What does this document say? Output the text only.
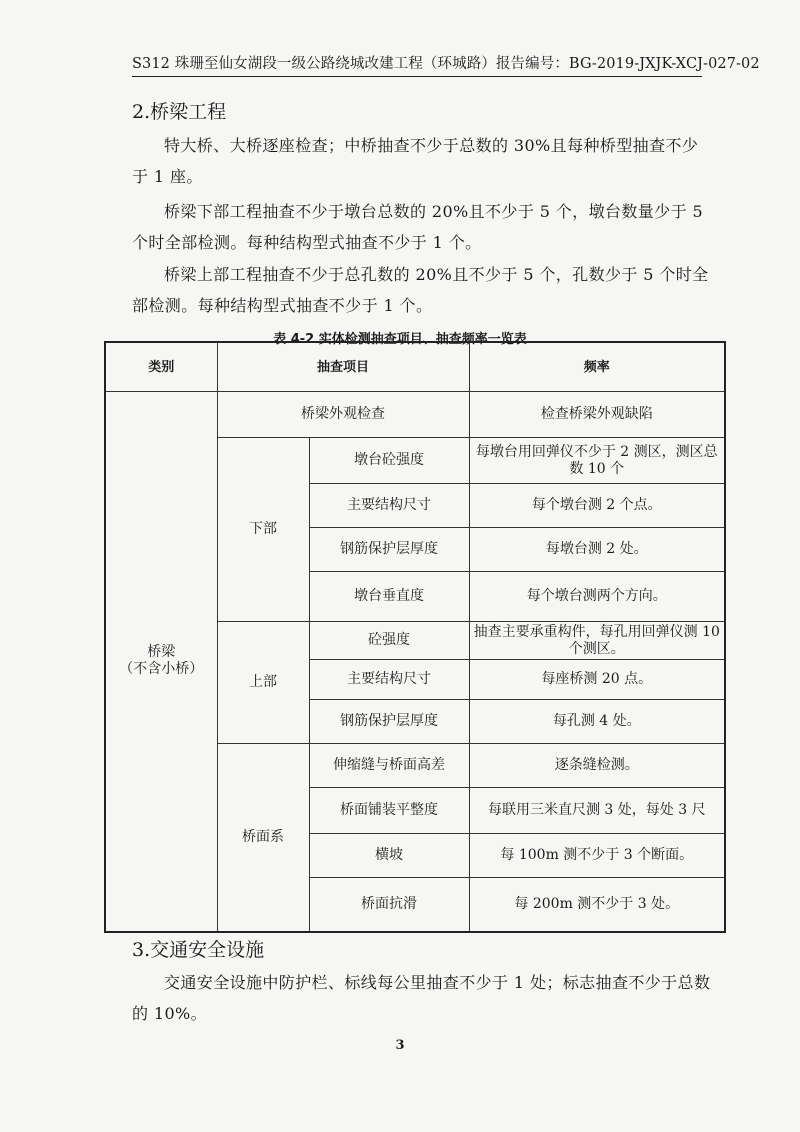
S312 珠珊至仙女湖段一级公路绕城改建工程（环城路）报告编号：BG-2019-JXJK-XCJ-027-02
2.桥梁工程
特大桥、大桥逐座检查；中桥抽查不少于总数的 30%且每种桥型抽查不少于 1 座。
桥梁下部工程抽查不少于墩台总数的 20%且不少于 5 个，墩台数量少于 5 个时全部检测。每种结构型式抽查不少于 1 个。
桥梁上部工程抽查不少于总孔数的 20%且不少于 5 个，孔数少于 5 个时全部检测。每种结构型式抽查不少于 1 个。
表 4-2 实体检测抽查项目、抽查频率一览表
类别	抽查项目		频率

桥梁
（不含小桥）	桥梁外观检查		检查桥梁外观缺陷
	下部	墩台砼强度	每墩台用回弹仪不少于 2 测区，测区总数 10 个
		主要结构尺寸	每个墩台测 2 个点。
		钢筋保护层厚度	每墩台测 2 处。
		墩台垂直度	每个墩台测两个方向。
	上部	砼强度	抽查主要承重构件，每孔用回弹仪测 10 个测区。
		主要结构尺寸	每座桥测 20 点。
		钢筋保护层厚度	每孔测 4 处。
	桥面系	伸缩缝与桥面高差	逐条缝检测。
		桥面铺装平整度	每联用三米直尺测 3 处，每处 3 尺
		横坡	每 100m 测不少于 3 个断面。
		桥面抗滑	每 200m 测不少于 3 处。
3.交通安全设施
交通安全设施中防护栏、标线每公里抽查不少于 1 处；标志抽查不少于总数的 10%。
3
